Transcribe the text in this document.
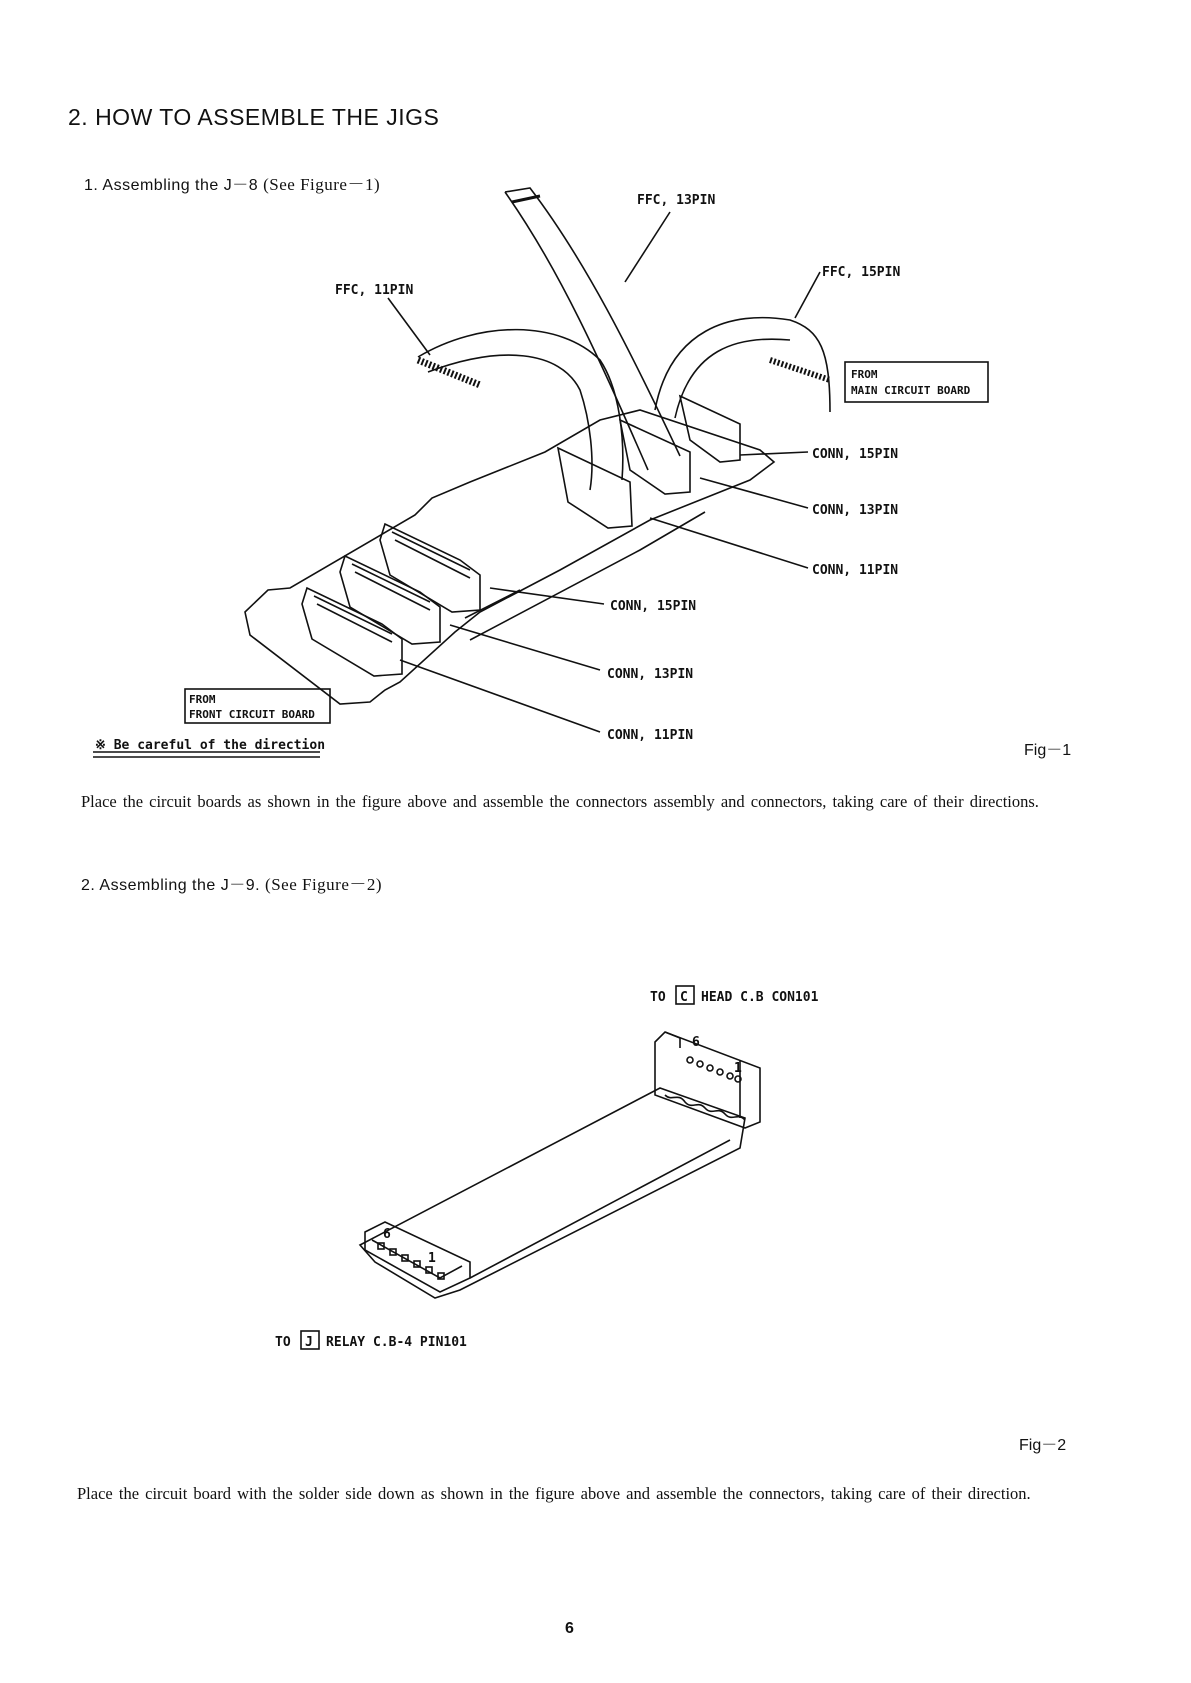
2. HOW TO ASSEMBLE THE JIGS
1. Assembling the J－8 (See Figure－1)
FFC, 13PIN
FFC, 15PIN
FFC, 11PIN
FROM
MAIN CIRCUIT BOARD
CONN, 15PIN
CONN, 13PIN
CONN, 11PIN
CONN, 15PIN
CONN, 13PIN
CONN, 11PIN
FROM
FRONT CIRCUIT BOARD
※ Be careful of the direction	Fig－1
Place the circuit boards as shown in the figure above and assemble the connectors assembly and connectors, taking care of their directions.
2. Assembling the J－9. (See Figure－2)
TO C HEAD C.B CON101
TO J RELAY C.B-4 PIN101
6
1
6
1
Fig－2
Place the circuit board with the solder side down as shown in the figure above and assemble the connectors, taking care of their direction.
6
